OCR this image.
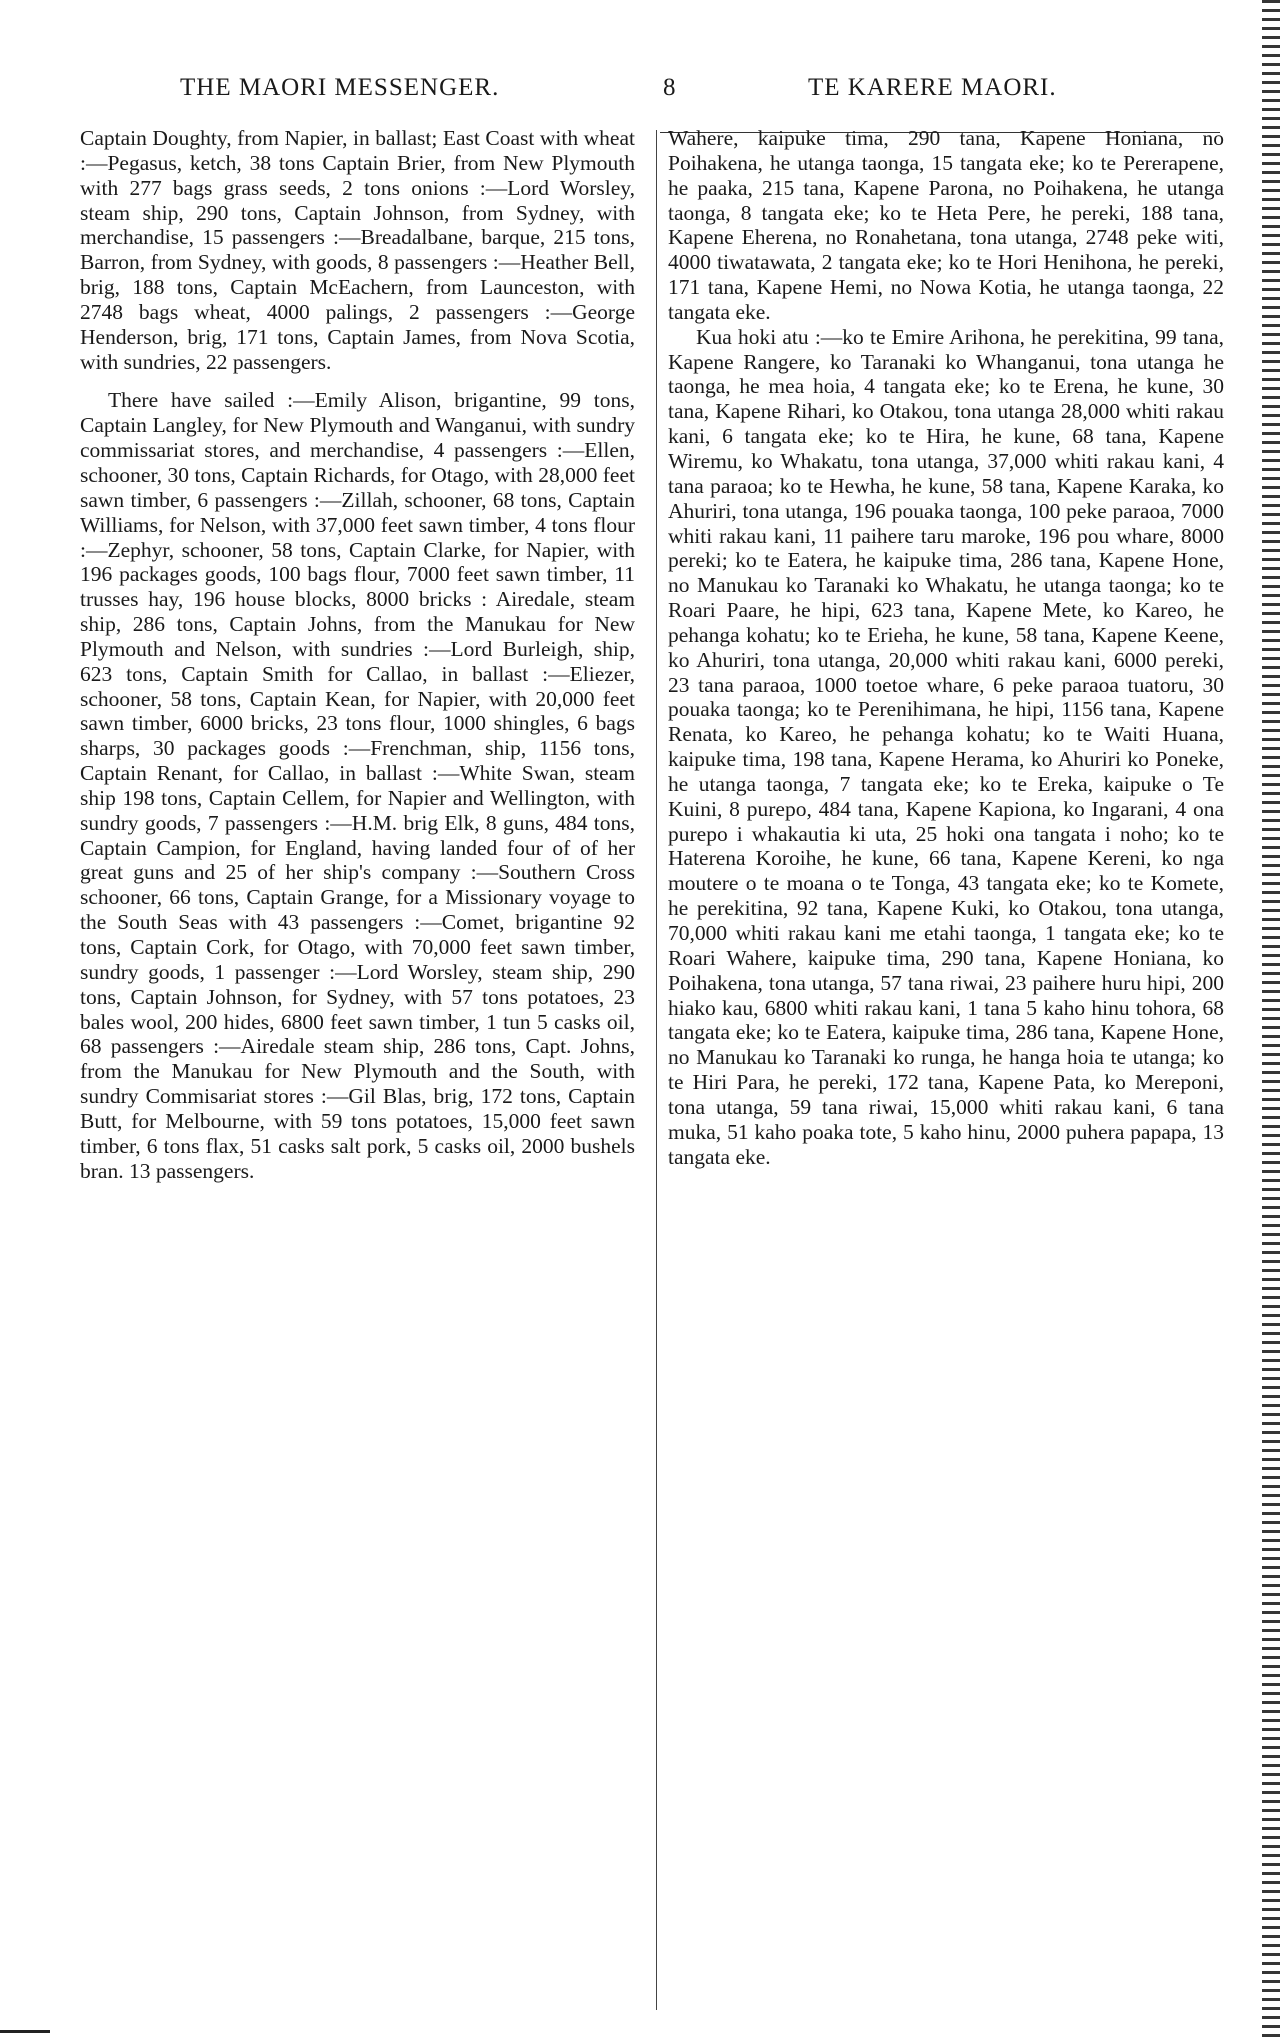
THE MAORI MESSENGER.	8	TE KARERE MAORI.

Captain Doughty, from Napier, in ballast; East Coast with wheat :—Pegasus, ketch, 38 tons Captain Brier, from New Plymouth with 277 bags grass seeds, 2 tons onions :—Lord Worsley, steam ship, 290 tons, Captain Johnson, from Sydney, with merchandise, 15 passengers :—Breadalbane, barque, 215 tons, Barron, from Sydney, with goods, 8 passengers :—Heather Bell, brig, 188 tons, Captain McEachern, from Launceston, with 2748 bags wheat, 4000 palings, 2 passengers :—George Henderson, brig, 171 tons, Captain James, from Nova Scotia, with sundries, 22 passengers.

There have sailed :—Emily Alison, brigantine, 99 tons, Captain Langley, for New Plymouth and Wanganui, with sundry commissariat stores, and merchandise, 4 passengers :—Ellen, schooner, 30 tons, Captain Richards, for Otago, with 28,000 feet sawn timber, 6 passengers :—Zillah, schooner, 68 tons, Captain Williams, for Nelson, with 37,000 feet sawn timber, 4 tons flour :—Zephyr, schooner, 58 tons, Captain Clarke, for Napier, with 196 packages goods, 100 bags flour, 7000 feet sawn timber, 11 trusses hay, 196 house blocks, 8000 bricks : Airedale, steam ship, 286 tons, Captain Johns, from the Manukau for New Plymouth and Nelson, with sundries :—Lord Burleigh, ship, 623 tons, Captain Smith for Callao, in ballast :—Eliezer, schooner, 58 tons, Captain Kean, for Napier, with 20,000 feet sawn timber, 6000 bricks, 23 tons flour, 1000 shingles, 6 bags sharps, 30 packages goods :—Frenchman, ship, 1156 tons, Captain Renant, for Callao, in ballast :—White Swan, steam ship 198 tons, Captain Cellem, for Napier and Wellington, with sundry goods, 7 passengers :—H.M. brig Elk, 8 guns, 484 tons, Captain Campion, for England, having landed four of of her great guns and 25 of her ship's company :—Southern Cross schooner, 66 tons, Captain Grange, for a Missionary voyage to the South Seas with 43 passengers :—Comet, brigantine 92 tons, Captain Cork, for Otago, with 70,000 feet sawn timber, sundry goods, 1 passenger :—Lord Worsley, steam ship, 290 tons, Captain Johnson, for Sydney, with 57 tons potatoes, 23 bales wool, 200 hides, 6800 feet sawn timber, 1 tun 5 casks oil, 68 passengers :—Airedale steam ship, 286 tons, Capt. Johns, from the Manukau for New Plymouth and the South, with sundry Commisariat stores :—Gil Blas, brig, 172 tons, Captain Butt, for Melbourne, with 59 tons potatoes, 15,000 feet sawn timber, 6 tons flax, 51 casks salt pork, 5 casks oil, 2000 bushels bran. 13 passengers.

Wahere, kaipuke tima, 290 tana, Kapene Honiana, no Poihakena, he utanga taonga, 15 tangata eke; ko te Pererapene, he paaka, 215 tana, Kapene Parona, no Poihakena, he utanga taonga, 8 tangata eke; ko te Heta Pere, he pereki, 188 tana, Kapene Eherena, no Ronahetana, tona utanga, 2748 peke witi, 4000 tiwatawata, 2 tangata eke; ko te Hori Henihona, he pereki, 171 tana, Kapene Hemi, no Nowa Kotia, he utanga taonga, 22 tangata eke.

Kua hoki atu :—ko te Emire Arihona, he perekitina, 99 tana, Kapene Rangere, ko Taranaki ko Whanganui, tona utanga he taonga, he mea hoia, 4 tangata eke; ko te Erena, he kune, 30 tana, Kapene Rihari, ko Otakou, tona utanga 28,000 whiti rakau kani, 6 tangata eke; ko te Hira, he kune, 68 tana, Kapene Wiremu, ko Whakatu, tona utanga, 37,000 whiti rakau kani, 4 tana paraoa; ko te Hewha, he kune, 58 tana, Kapene Karaka, ko Ahuriri, tona utanga, 196 pouaka taonga, 100 peke paraoa, 7000 whiti rakau kani, 11 paihere taru maroke, 196 pou whare, 8000 pereki; ko te Eatera, he kaipuke tima, 286 tana, Kapene Hone, no Manukau ko Taranaki ko Whakatu, he utanga taonga; ko te Roari Paare, he hipi, 623 tana, Kapene Mete, ko Kareo, he pehanga kohatu; ko te Erieha, he kune, 58 tana, Kapene Keene, ko Ahuriri, tona utanga, 20,000 whiti rakau kani, 6000 pereki, 23 tana paraoa, 1000 toetoe whare, 6 peke paraoa tuatoru, 30 pouaka taonga; ko te Perenihimana, he hipi, 1156 tana, Kapene Renata, ko Kareo, he pehanga kohatu; ko te Waiti Huana, kaipuke tima, 198 tana, Kapene Herama, ko Ahuriri ko Poneke, he utanga taonga, 7 tangata eke; ko te Ereka, kaipuke o Te Kuini, 8 purepo, 484 tana, Kapene Kapiona, ko Ingarani, 4 ona purepo i whakautia ki uta, 25 hoki ona tangata i noho; ko te Haterena Koroihe, he kune, 66 tana, Kapene Kereni, ko nga moutere o te moana o te Tonga, 43 tangata eke; ko te Komete, he perekitina, 92 tana, Kapene Kuki, ko Otakou, tona utanga, 70,000 whiti rakau kani me etahi taonga, 1 tangata eke; ko te Roari Wahere, kaipuke tima, 290 tana, Kapene Honiana, ko Poihakena, tona utanga, 57 tana riwai, 23 paihere huru hipi, 200 hiako kau, 6800 whiti rakau kani, 1 tana 5 kaho hinu tohora, 68 tangata eke; ko te Eatera, kaipuke tima, 286 tana, Kapene Hone, no Manukau ko Taranaki ko runga, he hanga hoia te utanga; ko te Hiri Para, he pereki, 172 tana, Kapene Pata, ko Mereponi, tona utanga, 59 tana riwai, 15,000 whiti rakau kani, 6 tana muka, 51 kaho poaka tote, 5 kaho hinu, 2000 puhera papapa, 13 tangata eke.
